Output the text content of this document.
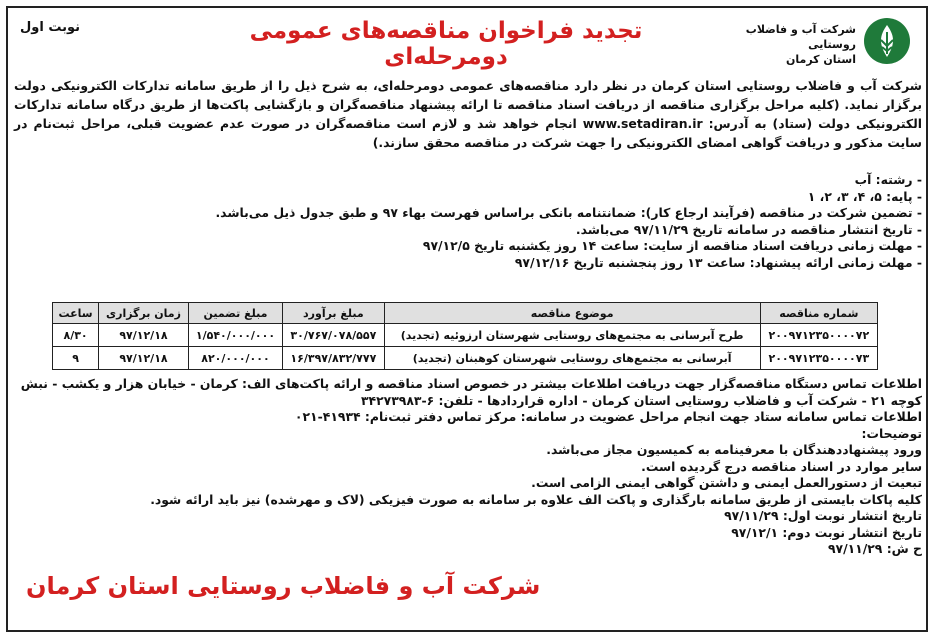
شرکت آب و فاضلاب روستایی
استان کرمان
تجدید فراخوان مناقصه‌های عمومی دومرحله‌ای
نوبت اول
شرکت آب و فاضلاب روستایی استان کرمان در نظر دارد مناقصه‌های عمومی دومرحله‌ای، به شرح ذیل را از طریق سامانه تدارکات الکترونیکی دولت برگزار نماید. (کلیه مراحل برگزاری مناقصه از دریافت اسناد مناقصه تا ارائه پیشنهاد مناقصه‌گران و بازگشایی پاکت‌ها از طریق درگاه سامانه تدارکات الکترونیکی دولت (ستاد) به آدرس: www.setadiran.ir انجام خواهد شد و لازم است مناقصه‌گران در صورت عدم عضویت قبلی، مراحل ثبت‌نام در سایت مذکور و دریافت گواهی امضای الکترونیکی را جهت شرکت در مناقصه محقق سازند.)
- رشته: آب
- پایه: ۵، ۴، ۳، ۲، ۱
- تضمین شرکت در مناقصه (فرآیند ارجاع کار): ضمانتنامه بانکی براساس فهرست بهاء ۹۷ و طبق جدول ذیل می‌باشد.
- تاریخ انتشار مناقصه در سامانه تاریخ ۹۷/۱۱/۲۹ می‌باشد.
- مهلت زمانی دریافت اسناد مناقصه از سایت: ساعت ۱۴ روز یکشنبه تاریخ ۹۷/۱۲/۵
- مهلت زمانی ارائه پیشنهاد: ساعت ۱۳ روز پنجشنبه تاریخ ۹۷/۱۲/۱۶
شماره مناقصه	موضوع مناقصه	مبلغ برآورد	مبلغ تضمین	زمان برگزاری	ساعت
۲۰۰۹۷۱۲۳۵۰۰۰۰۷۲	طرح آبرسانی به مجتمع‌های روستایی شهرستان ارزوئیه (تجدید)	۳۰/۷۶۷/۰۷۸/۵۵۷	۱/۵۴۰/۰۰۰/۰۰۰	۹۷/۱۲/۱۸	۸/۳۰
۲۰۰۹۷۱۲۳۵۰۰۰۰۷۳	آبرسانی به مجتمع‌های روستایی شهرستان کوهبنان (تجدید)	۱۶/۳۹۷/۸۳۲/۷۷۷	۸۲۰/۰۰۰/۰۰۰	۹۷/۱۲/۱۸	۹
اطلاعات تماس دستگاه مناقصه‌گزار جهت دریافت اطلاعات بیشتر در خصوص اسناد مناقصه و ارائه پاکت‌های الف: کرمان - خیابان هزار و یکشب - نبش
کوچه ۲۱ - شرکت آب و فاضلاب روستایی استان کرمان - اداره قراردادها - تلفن: ۶-۳۴۲۷۳۹۸۳
اطلاعات تماس سامانه ستاد جهت انجام مراحل عضویت در سامانه: مرکز تماس دفتر ثبت‌نام: ۴۱۹۳۴-۰۲۱
توضیحات:
ورود پیشنهاددهندگان با معرفینامه به کمیسیون مجاز می‌باشد.
سایر موارد در اسناد مناقصه درج گردیده است.
تبعیت از دستورالعمل ایمنی و داشتن گواهی ایمنی الزامی است.
کلیه پاکات بایستی از طریق سامانه بارگذاری و پاکت الف علاوه بر سامانه به صورت فیزیکی (لاک و مهرشده) نیز باید ارائه شود.
تاریخ انتشار نوبت اول: ۹۷/۱۱/۲۹
تاریخ انتشار نوبت دوم: ۹۷/۱۲/۱
ح ش: ۹۷/۱۱/۲۹
شرکت آب و فاضلاب روستایی استان کرمان
